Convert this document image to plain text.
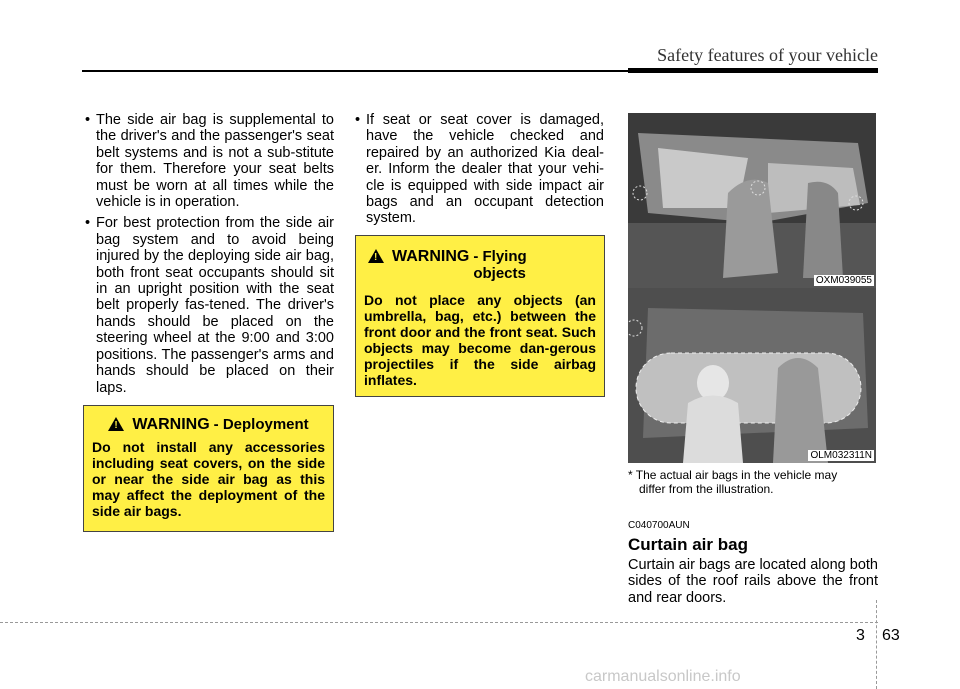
Safety features of your vehicle
• The side air bag is supplemental to the driver's and the passenger's seat belt systems and is not a sub-stitute for them. Therefore your seat belts must be worn at all times while the vehicle is in operation.
• For best protection from the side air bag system and to avoid being injured by the deploying side air bag, both front seat occupants should sit in an upright position with the seat belt properly fas-tened. The driver's hands should be placed on the steering wheel at the 9:00 and 3:00 positions. The passenger's arms and hands should be placed on their laps.
! WARNING - Deployment
Do not install any accessories including seat covers, on the side or near the side air bag as this may affect the deployment of the side air bags.
• If seat or seat cover is damaged, have the vehicle checked and repaired by an authorized Kia deal-er. Inform the dealer that your vehi-cle is equipped with side impact air bags and an occupant detection system.
! WARNING - Flying objects
Do not place any objects (an umbrella, bag, etc.) between the front door and the front seat. Such objects may become dan-gerous projectiles if the side airbag inflates.
OXM039055
OLM032311N
* The actual air bags in the vehicle may
differ from the illustration.
C040700AUN
Curtain air bag
Curtain air bags are located along both sides of the roof rails above the front and rear doors.
3 63
carmanualsonline.info
